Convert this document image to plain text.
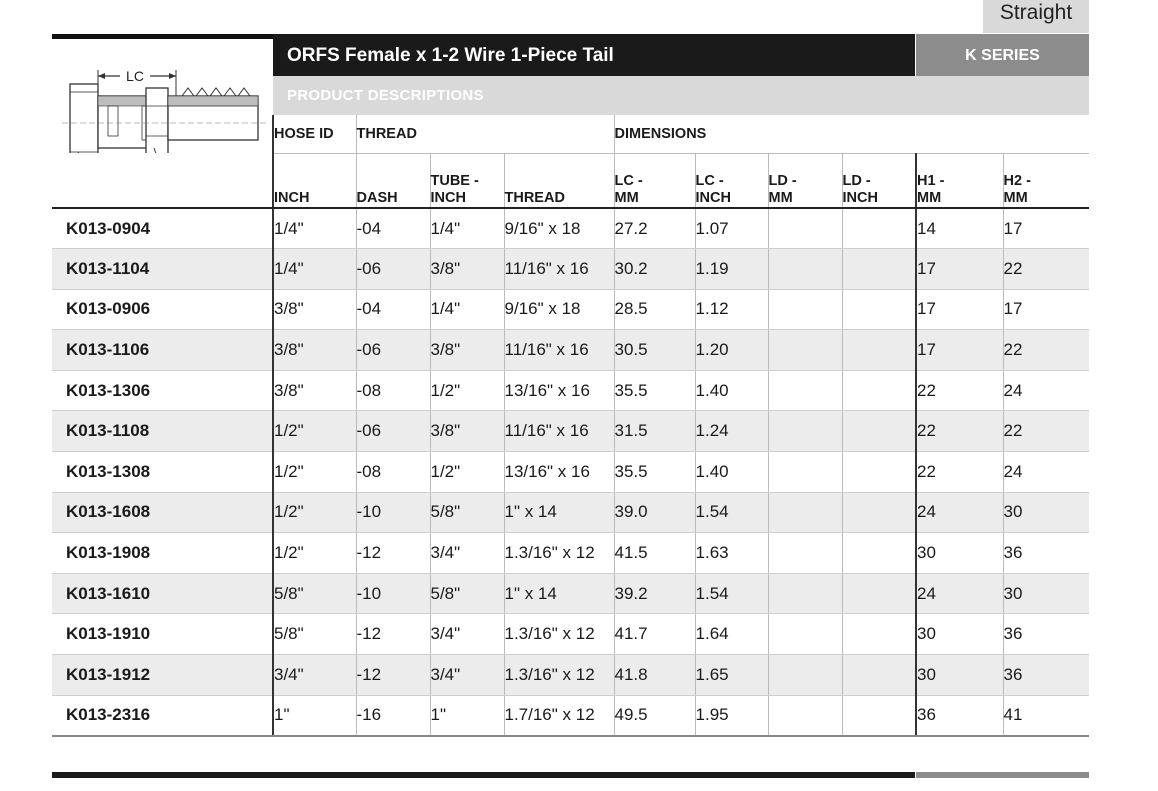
Straight
ORFS Female x 1-2 Wire 1-Piece Tail	K SERIES
PRODUCT DESCRIPTIONS
LC
	HOSE ID	THREAD			DIMENSIONS					
	INCH	DASH	TUBE - INCH	THREAD	LC - MM	LC - INCH	LD - MM	LD - INCH	H1 - MM	H2 - MM
K013-0904	1/4"	-04	1/4"	9/16" x 18	27.2	1.07			14	17
K013-1104	1/4"	-06	3/8"	11/16" x 16	30.2	1.19			17	22
K013-0906	3/8"	-04	1/4"	9/16" x 18	28.5	1.12			17	17
K013-1106	3/8"	-06	3/8"	11/16" x 16	30.5	1.20			17	22
K013-1306	3/8"	-08	1/2"	13/16" x 16	35.5	1.40			22	24
K013-1108	1/2"	-06	3/8"	11/16" x 16	31.5	1.24			22	22
K013-1308	1/2"	-08	1/2"	13/16" x 16	35.5	1.40			22	24
K013-1608	1/2"	-10	5/8"	1" x 14	39.0	1.54			24	30
K013-1908	1/2"	-12	3/4"	1.3/16" x 12	41.5	1.63			30	36
K013-1610	5/8"	-10	5/8"	1" x 14	39.2	1.54			24	30
K013-1910	5/8"	-12	3/4"	1.3/16" x 12	41.7	1.64			30	36
K013-1912	3/4"	-12	3/4"	1.3/16" x 12	41.8	1.65			30	36
K013-2316	1"	-16	1"	1.7/16" x 12	49.5	1.95			36	41
